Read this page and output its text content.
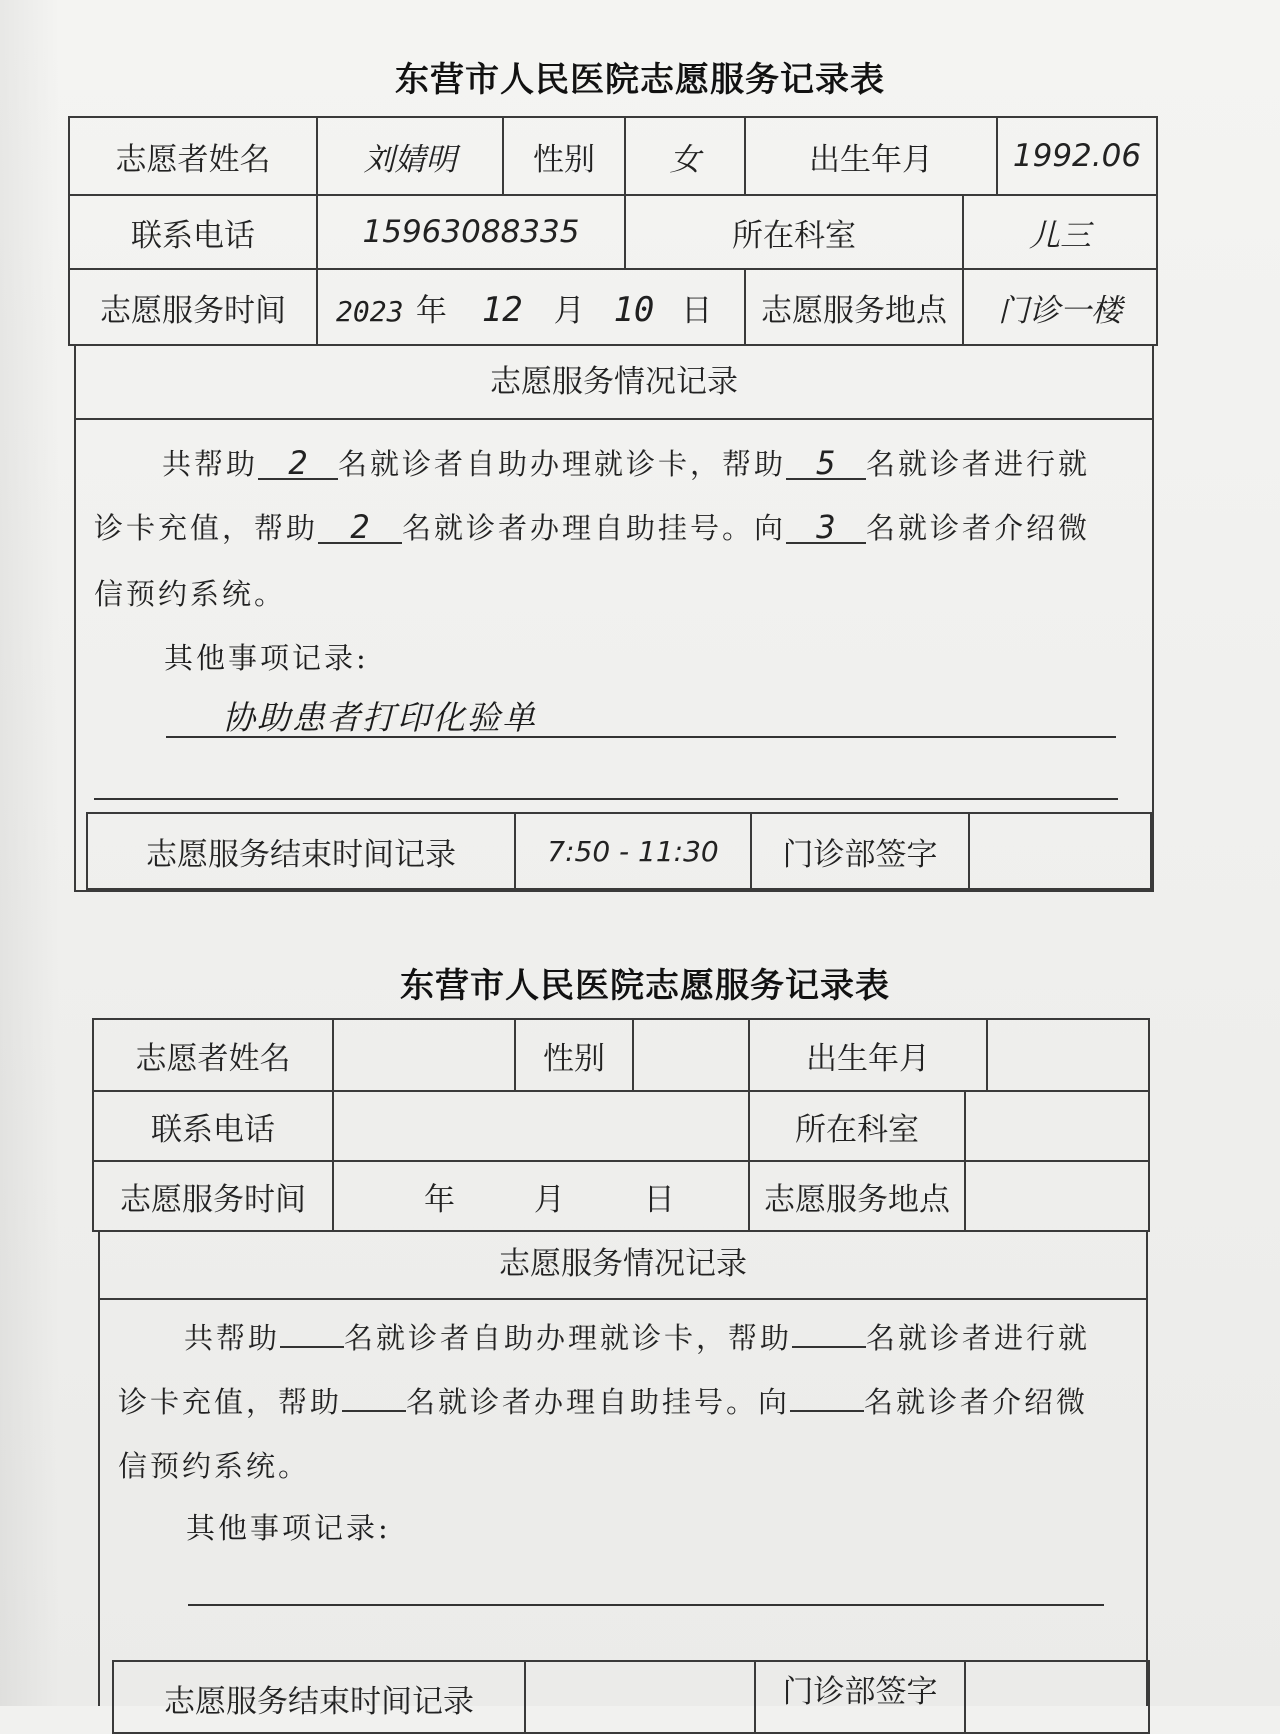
东营市人民医院志愿服务记录表
志愿者姓名	刘婧明	性别	女	出生年月		1992.06
联系电话	15963088335		所在科室		儿三	
志愿服务时间	2023 年 12 月 10 日			志愿服务地点	门诊一楼	
志愿服务情况记录
共帮助 2 名就诊者自助办理就诊卡，帮助 5 名就诊者进行就
诊卡充值，帮助 2 名就诊者办理自助挂号。向 3 名就诊者介绍微
信预约系统。
其他事项记录:
协助患者打印化验单
志愿服务结束时间记录	7:50 - 11:30	门诊部签字	
东营市人民医院志愿服务记录表
志愿者姓名		性别		出生年月		
联系电话				所在科室		
志愿服务时间	年 月 日			志愿服务地点		
志愿服务情况记录
共帮助 名就诊者自助办理就诊卡，帮助	名就诊者进行就
诊卡充值，帮助 名就诊者办理自助挂号。向	名就诊者介绍微
信预约系统。
其他事项记录:
志愿服务结束时间记录		门诊部签字	
